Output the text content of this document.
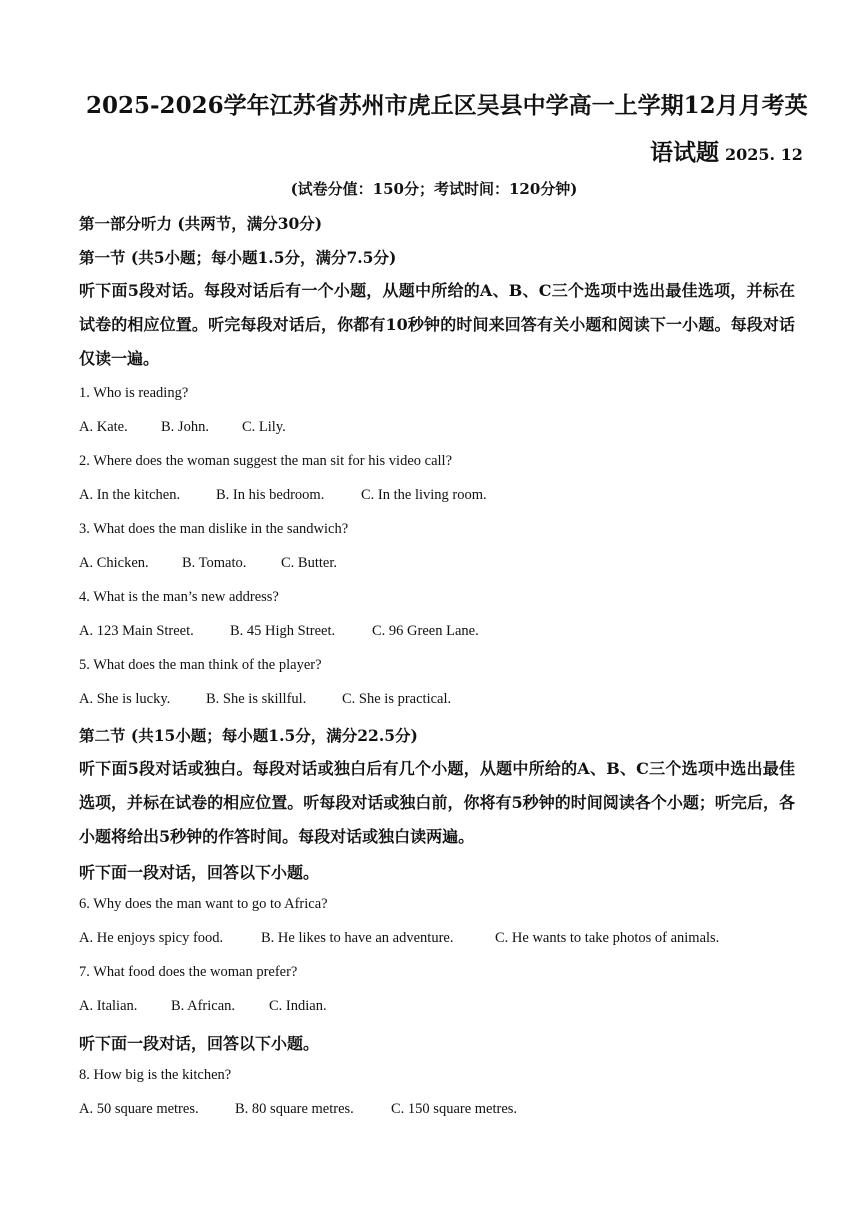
2025-2026学年江苏省苏州市虎丘区吴县中学高一上学期12月月考英
语试题 2025. 12
(试卷分值：150分；考试时间：120分钟)
第一部分听力 (共两节，满分30分)
第一节 (共5小题；每小题1.5分，满分7.5分)
听下面5段对话。每段对话后有一个小题，从题中所给的A、B、C三个选项中选出最佳选项，并标在试卷的相应位置。听完每段对话后，你都有10秒钟的时间来回答有关小题和阅读下一小题。每段对话仅读一遍。
1. Who is reading?
A. Kate. B. John. C. Lily.
2. Where does the woman suggest the man sit for his video call?
A. In the kitchen. B. In his bedroom.	C. In the living room.
3. What does the man dislike in the sandwich?
A. Chicken. B. Tomato. C. Butter.
4. What is the man’s new address?
A. 123 Main Street. B. 45 High Street.	C. 96 Green Lane.
5. What does the man think of the player?
A. She is lucky. B. She is skillful. C. She is practical.
第二节 (共15小题；每小题1.5分，满分22.5分)
听下面5段对话或独白。每段对话或独白后有几个小题，从题中所给的A、B、C三个选项中选出最佳选项，并标在试卷的相应位置。听每段对话或独白前，你将有5秒钟的时间阅读各个小题；听完后，各小题将给出5秒钟的作答时间。每段对话或独白读两遍。
听下面一段对话，回答以下小题。
6. Why does the man want to go to Africa?
A. He enjoys spicy food.	B. He likes to have an adventure.	C. He wants to take photos of animals.
7. What food does the woman prefer?
A. Italian. B. African. C. Indian.
听下面一段对话，回答以下小题。
8. How big is the kitchen?
A. 50 square metres.	B. 80 square metres.	C. 150 square metres.
